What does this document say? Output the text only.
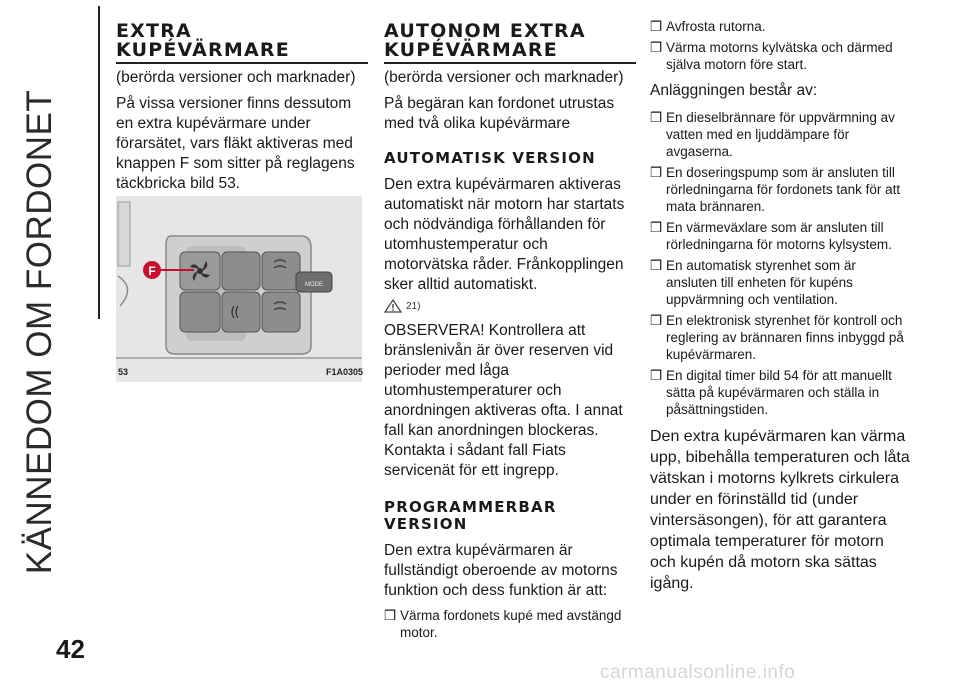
KÄNNEDOM OM FORDONET
42
carmanualsonline.info
EXTRA
KUPÉVÄRMARE

(berörda versioner och marknader)

På vissa versioner finns dessutom en extra kupévärmare under förarsätet, vars fläkt aktiveras med knappen F som sitter på reglagens täckbricka bild 53.

MODE
F
53	F1A0305
AUTONOM EXTRA
KUPÉVÄRMARE

(berörda versioner och marknader)

På begäran kan fordonet utrustas med två olika kupévärmare

AUTOMATISK VERSION

Den extra kupévärmaren aktiveras automatiskt när motorn har startats och nödvändiga förhållanden för utomhustemperatur och motorvätska råder. Frånkopplingen sker alltid automatiskt.

21)

OBSERVERA! Kontrollera att bränslenivån är över reserven vid perioder med låga utomhustemperaturer och anordningen aktiveras ofta. I annat fall kan anordningen blockeras. Kontakta i sådant fall Fiats servicenät för ett ingrepp.

PROGRAMMERBAR
VERSION

Den extra kupévärmaren är fullständigt oberoende av motorns funktion och dess funktion är att:

❒ Värma fordonets kupé med avstängd motor.

❒ Avfrosta rutorna.

❒ Värma motorns kylvätska och därmed själva motorn före start.

Anläggningen består av:

❒ En dieselbrännare för uppvärmning av vatten med en ljuddämpare för avgaserna.

❒ En doseringspump som är ansluten till rörledningarna för fordonets tank för att mata brännaren.

❒ En värmeväxlare som är ansluten till rörledningarna för motorns kylsystem.

❒ En automatisk styrenhet som är ansluten till enheten för kupéns uppvärmning och ventilation.

❒ En elektronisk styrenhet för kontroll och reglering av brännaren finns inbyggd på kupévärmaren.

❒ En digital timer bild 54 för att manuellt sätta på kupévärmaren och ställa in påsättningstiden.

Den extra kupévärmaren kan värma upp, bibehålla temperaturen och låta vätskan i motorns kylkrets cirkulera under en förinställd tid (under vintersäsongen), för att garantera optimala temperaturer för motorn och kupén då motorn ska sättas igång.
